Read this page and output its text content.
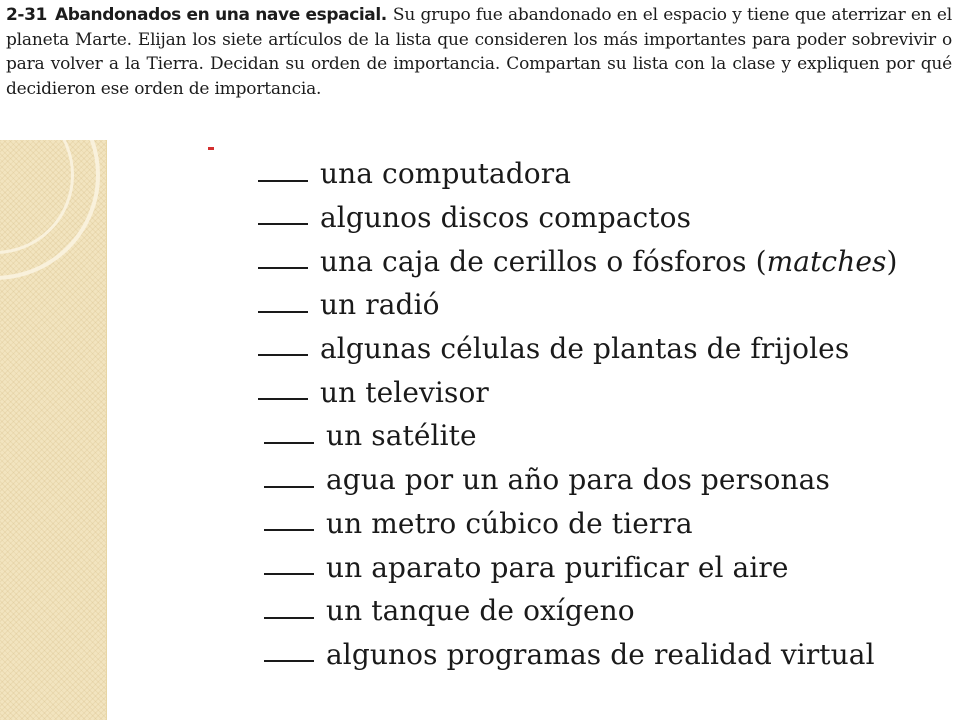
2-31 Abandonados en una nave espacial. Su grupo fue abandonado en el espacio y tiene que aterrizar en el planeta Marte. Elijan los siete artículos de la lista que consideren los más importantes para poder sobrevivir o para volver a la Tierra. Decidan su orden de importancia. Compartan su lista con la clase y expliquen por qué decidieron ese orden de importancia.
una computadora
algunos discos compactos
una caja de cerillos o fósforos (matches)
un radió
algunas células de plantas de frijoles
un televisor
un satélite
agua por un año para dos personas
un metro cúbico de tierra
un aparato para purificar el aire
un tanque de oxígeno
algunos programas de realidad virtual
